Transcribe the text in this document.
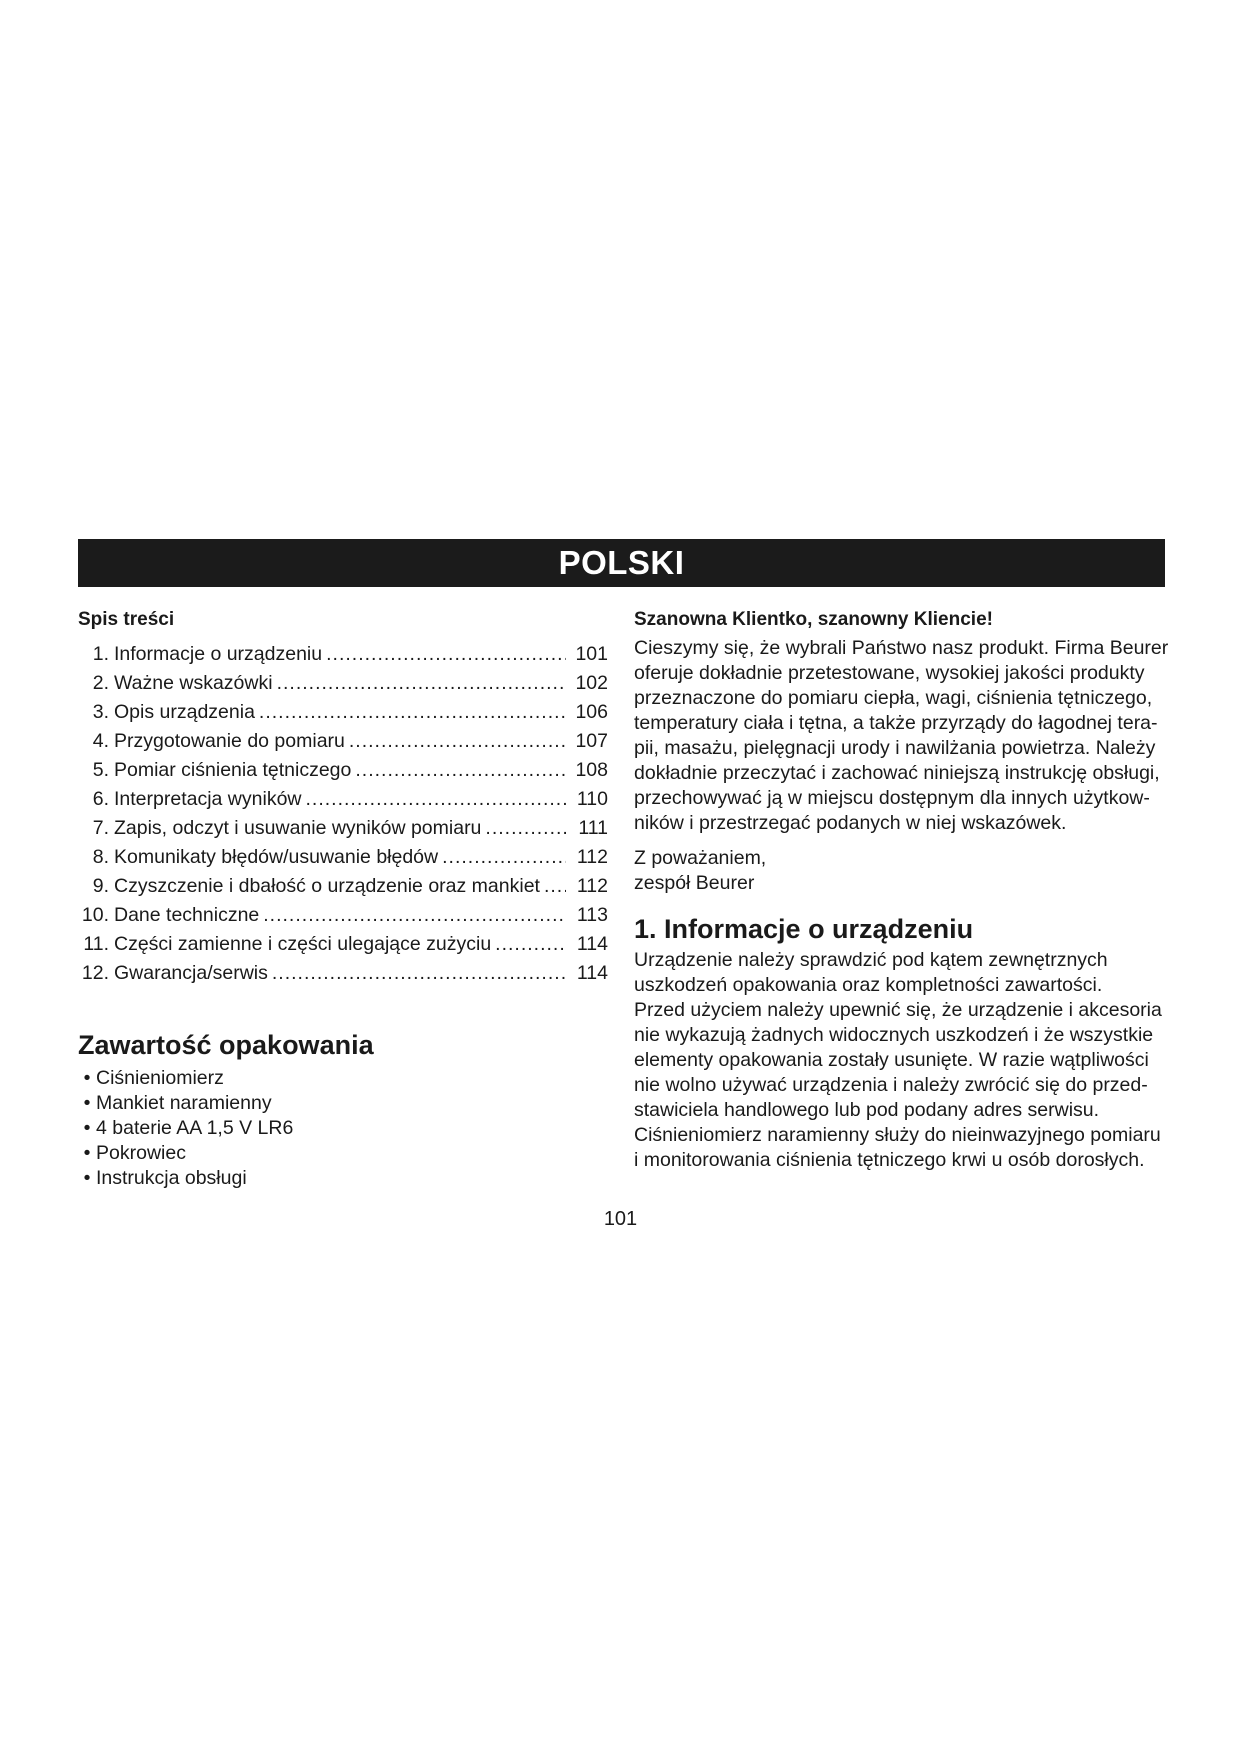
POLSKI
Spis treści
1. Informacje o urządzeniu .....	101
2. Ważne wskazówki .....	102
3. Opis urządzenia .....	106
4. Przygotowanie do pomiaru .....	107
5. Pomiar ciśnienia tętniczego .....	108
6. Interpretacja wyników .....	110
7. Zapis, odczyt i usuwanie wyników pomiaru .....	111
8. Komunikaty błędów/usuwanie błędów .....	112
9. Czyszczenie i dbałość o urządzenie oraz mankiet .....	112
10. Dane techniczne .....	113
11. Części zamienne i części ulegające zużyciu .....	114
12. Gwarancja/serwis .....	114
Zawartość opakowania
• Ciśnieniomierz
• Mankiet naramienny
• 4 baterie AA 1,5 V LR6
• Pokrowiec
• Instrukcja obsługi
Szanowna Klientko, szanowny Kliencie!

Cieszymy się, że wybrali Państwo nasz produkt. Firma Beurer
oferuje dokładnie przetestowane, wysokiej jakości produkty
przeznaczone do pomiaru ciepła, wagi, ciśnienia tętniczego,
temperatury ciała i tętna, a także przyrządy do łagodnej tera-
pii, masażu, pielęgnacji urody i nawilżania powietrza. Należy
dokładnie przeczytać i zachować niniejszą instrukcję obsługi,
przechowywać ją w miejscu dostępnym dla innych użytkow-
ników i przestrzegać podanych w niej wskazówek.

Z poważaniem,
zespół Beurer

1. Informacje o urządzeniu

Urządzenie należy sprawdzić pod kątem zewnętrznych
uszkodzeń opakowania oraz kompletności zawartości.
Przed użyciem należy upewnić się, że urządzenie i akcesoria
nie wykazują żadnych widocznych uszkodzeń i że wszystkie
elementy opakowania zostały usunięte. W razie wątpliwości
nie wolno używać urządzenia i należy zwrócić się do przed-
stawiciela handlowego lub pod podany adres serwisu.
Ciśnieniomierz naramienny służy do nieinwazyjnego pomiaru
i monitorowania ciśnienia tętniczego krwi u osób dorosłych.

101
